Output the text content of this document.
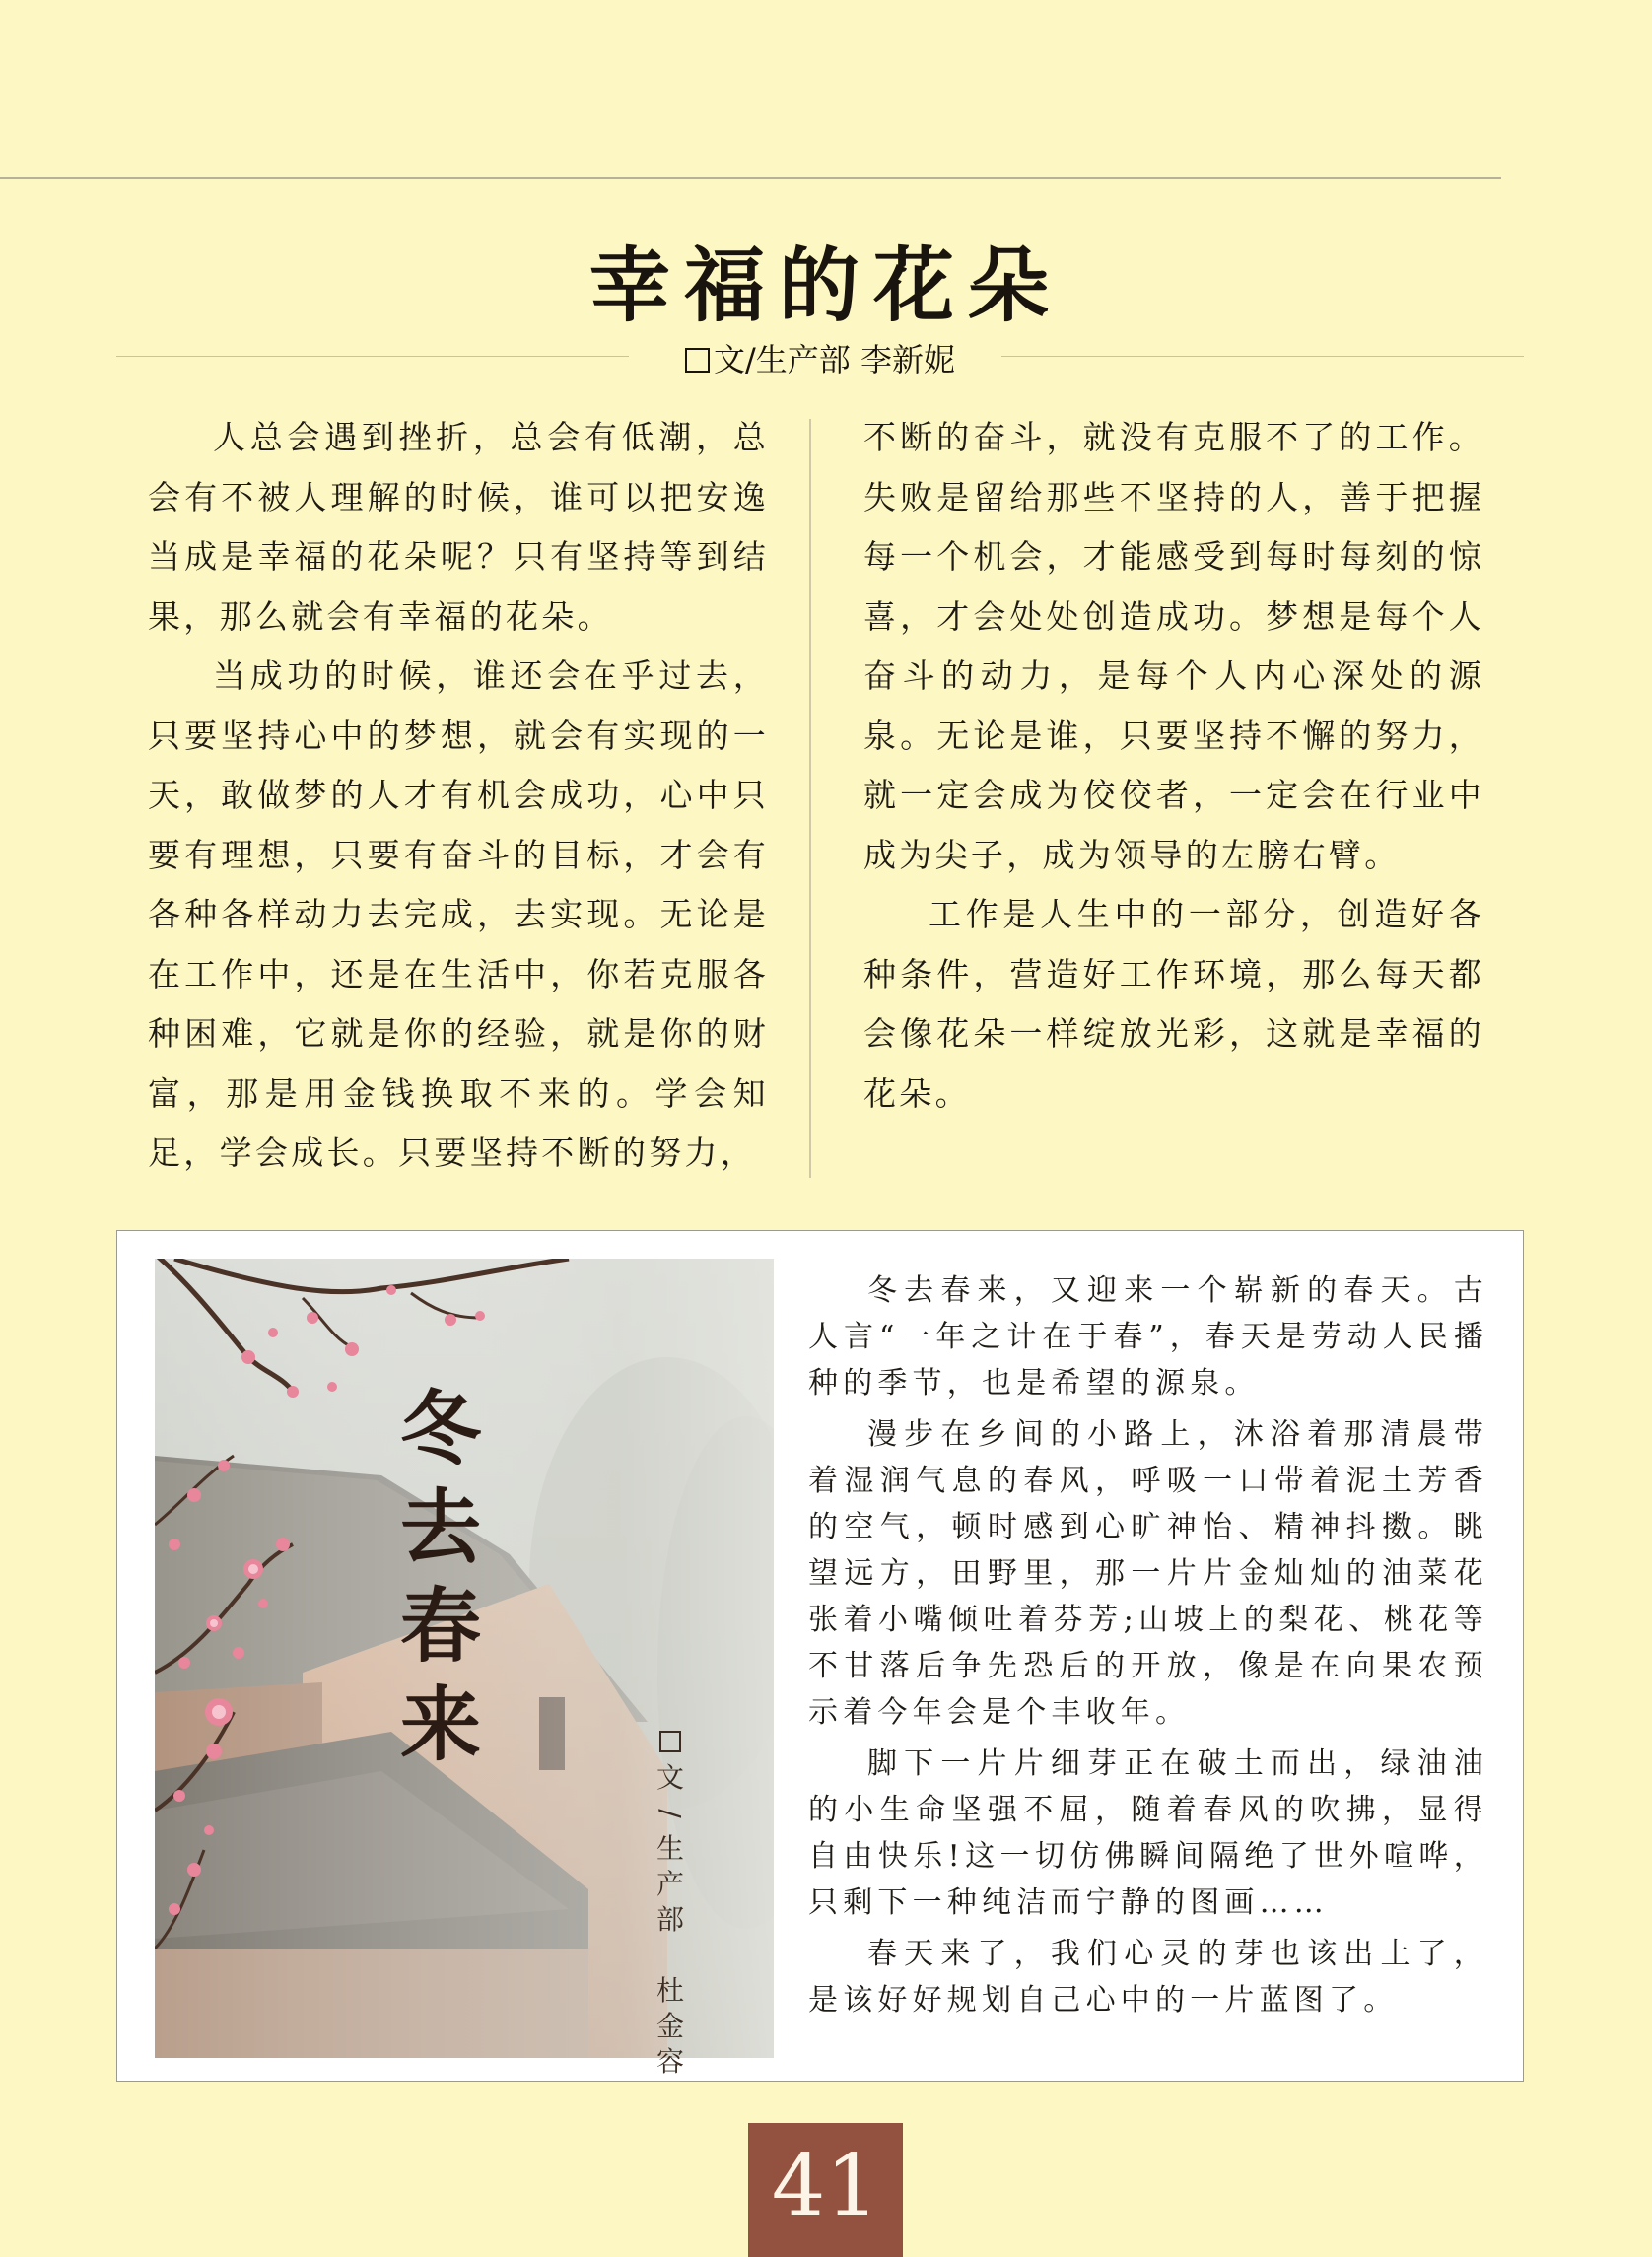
幸福的花朵
文/生产部 李新妮

人总会遇到挫折，总会有低潮，总会有不被人理解的时候，谁可以把安逸当成是幸福的花朵呢？只有坚持等到结果，那么就会有幸福的花朵。

当成功的时候，谁还会在乎过去，只要坚持心中的梦想，就会有实现的一天，敢做梦的人才有机会成功，心中只要有理想，只要有奋斗的目标，才会有各种各样动力去完成，去实现。无论是在工作中，还是在生活中，你若克服各种困难，它就是你的经验，就是你的财富，那是用金钱换取不来的。学会知足，学会成长。只要坚持不断的努力，

不断的奋斗，就没有克服不了的工作。失败是留给那些不坚持的人，善于把握每一个机会，才能感受到每时每刻的惊喜，才会处处创造成功。梦想是每个人奋斗的动力，是每个人内心深处的源泉。无论是谁，只要坚持不懈的努力，就一定会成为佼佼者，一定会在行业中成为尖子，成为领导的左膀右臂。

工作是人生中的一部分，创造好各种条件，营造好工作环境，那么每天都会像花朵一样绽放光彩，这就是幸福的花朵。

冬
去
春
来
文
/
生
产
部

杜
金
容

冬去春来，又迎来一个崭新的春天。古人言“一年之计在于春”，春天是劳动人民播种的季节，也是希望的源泉。

漫步在乡间的小路上，沐浴着那清晨带着湿润气息的春风，呼吸一口带着泥土芳香的空气，顿时感到心旷神怡、精神抖擞。眺望远方，田野里，那一片片金灿灿的油菜花张着小嘴倾吐着芬芳;山坡上的梨花、桃花等不甘落后争先恐后的开放，像是在向果农预示着今年会是个丰收年。

脚下一片片细芽正在破土而出，绿油油的小生命坚强不屈，随着春风的吹拂，显得自由快乐!这一切仿佛瞬间隔绝了世外喧哗，只剩下一种纯洁而宁静的图画……

春天来了，我们心灵的芽也该出土了，是该好好规划自己心中的一片蓝图了。

41
